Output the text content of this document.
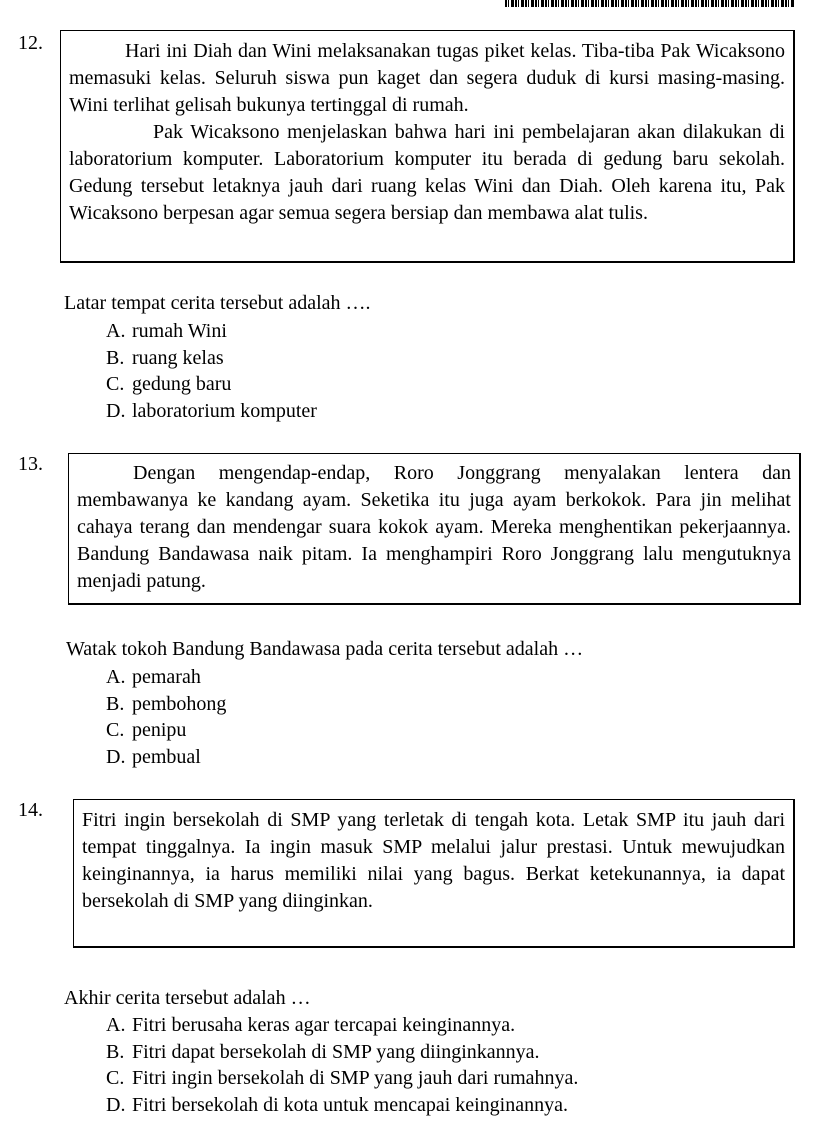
12.	Hari ini Diah dan Wini melaksanakan tugas piket kelas. Tiba-tiba Pak Wicaksono memasuki kelas. Seluruh siswa pun kaget dan segera duduk di kursi masing-masing. Wini terlihat gelisah bukunya tertinggal di rumah.

Pak Wicaksono menjelaskan bahwa hari ini pembelajaran akan dilakukan di laboratorium komputer. Laboratorium komputer itu berada di gedung baru sekolah. Gedung tersebut letaknya jauh dari ruang kelas Wini dan Diah. Oleh karena itu, Pak Wicaksono berpesan agar semua segera bersiap dan membawa alat tulis.

Latar tempat cerita tersebut adalah ….

A. rumah Wini
B. ruang kelas
C. gedung baru
D. laboratorium komputer
13.	Dengan mengendap-endap, Roro Jonggrang menyalakan lentera dan membawanya ke kandang ayam. Seketika itu juga ayam berkokok. Para jin melihat cahaya terang dan mendengar suara kokok ayam. Mereka menghentikan pekerjaannya. Bandung Bandawasa naik pitam. Ia menghampiri Roro Jonggrang lalu mengutuknya menjadi patung.

Watak tokoh Bandung Bandawasa pada cerita tersebut adalah …

A. pemarah
B. pembohong
C. penipu
D. pembual
14. Fitri ingin bersekolah di SMP yang terletak di tengah kota. Letak SMP itu jauh dari tempat tinggalnya. Ia ingin masuk SMP melalui jalur prestasi. Untuk mewujudkan keinginannya, ia harus memiliki nilai yang bagus. Berkat ketekunannya, ia dapat bersekolah di SMP yang diinginkan.

Akhir cerita tersebut adalah …

A. Fitri berusaha keras agar tercapai keinginannya.
B. Fitri dapat bersekolah di SMP yang diinginkannya.
C. Fitri ingin bersekolah di SMP yang jauh dari rumahnya.
D. Fitri bersekolah di kota untuk mencapai keinginannya.
